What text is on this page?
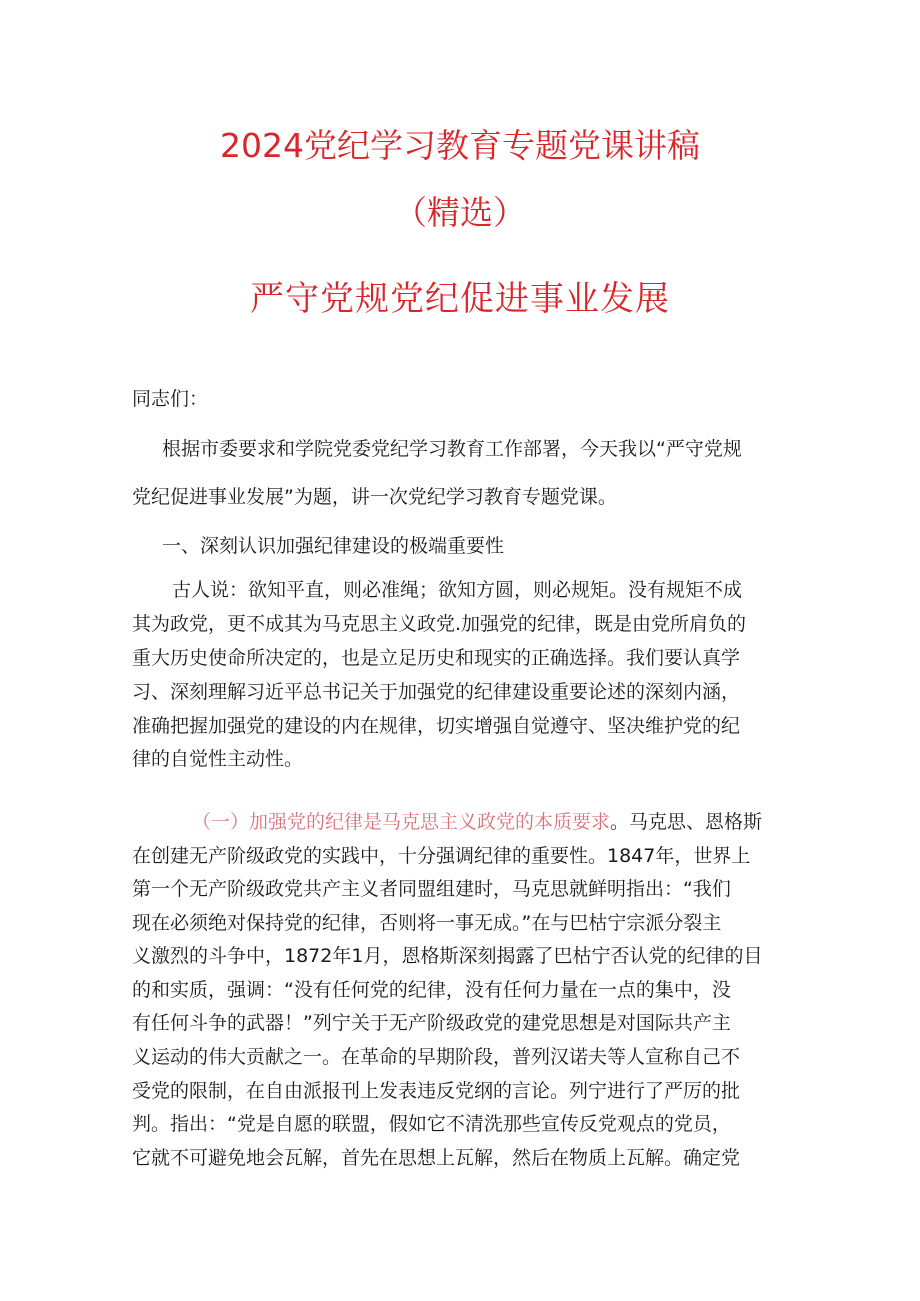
2024党纪学习教育专题党课讲稿
（精选）
严守党规党纪促进事业发展
同志们：
根据市委要求和学院党委党纪学习教育工作部署，今天我以“严守党规
党纪促进事业发展”为题，讲一次党纪学习教育专题党课。
一、深刻认识加强纪律建设的极端重要性
古人说：欲知平直，则必准绳；欲知方圆，则必规矩。没有规矩不成
其为政党，更不成其为马克思主义政党.加强党的纪律，既是由党所肩负的
重大历史使命所决定的，也是立足历史和现实的正确选择。我们要认真学
习、深刻理解习近平总书记关于加强党的纪律建设重要论述的深刻内涵，
准确把握加强党的建设的内在规律，切实增强自觉遵守、坚决维护党的纪
律的自觉性主动性。
（一）加强党的纪律是马克思主义政党的本质要求。马克思、恩格斯
在创建无产阶级政党的实践中，十分强调纪律的重要性。1847年，世界上
第一个无产阶级政党共产主义者同盟组建时，马克思就鲜明指出：“我们
现在必须绝对保持党的纪律，否则将一事无成。”在与巴枯宁宗派分裂主
义激烈的斗争中，1872年1月，恩格斯深刻揭露了巴枯宁否认党的纪律的目
的和实质，强调：“没有任何党的纪律，没有任何力量在一点的集中，没
有任何斗争的武器！”列宁关于无产阶级政党的建党思想是对国际共产主
义运动的伟大贡献之一。在革命的早期阶段，普列汉诺夫等人宣称自己不
受党的限制，在自由派报刊上发表违反党纲的言论。列宁进行了严厉的批
判。指出：“党是自愿的联盟，假如它不清洗那些宣传反党观点的党员，
它就不可避免地会瓦解，首先在思想上瓦解，然后在物质上瓦解。确定党
